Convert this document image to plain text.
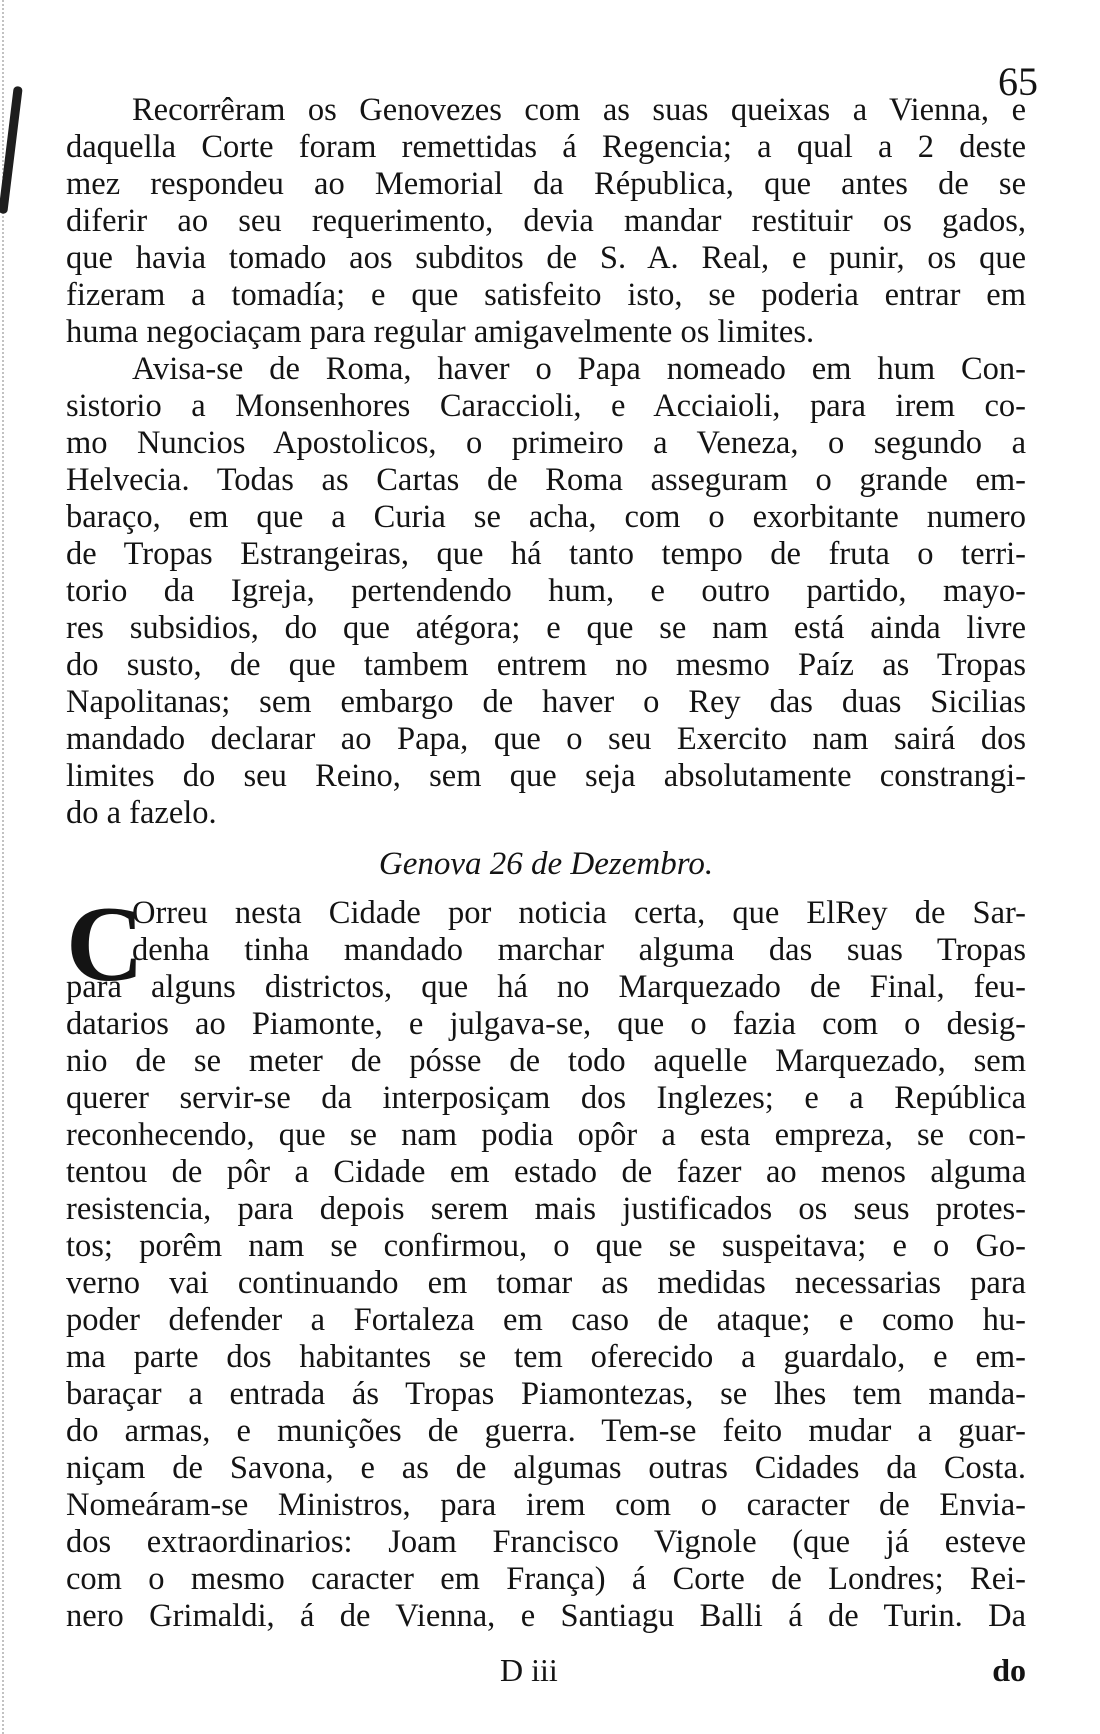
65
Recorrêram os Genovezes com as suas queixas a Vienna, e
daquella Corte foram remettidas á Regencia; a qual a 2 deste
mez respondeu ao Memorial da Républica, que antes de se
diferir ao seu requerimento, devia mandar restituir os gados,
que havia tomado aos subditos de S. A. Real, e punir, os que
fizeram a tomadía; e que satisfeito isto, se poderia entrar em
huma negociaçam para regular amigavelmente os limites.
Avisa-se de Roma, haver o Papa nomeado em hum Con-
sistorio a Monsenhores Caraccioli, e Acciaioli, para irem co-
mo Nuncios Apostolicos, o primeiro a Veneza, o segundo a
Helvecia. Todas as Cartas de Roma asseguram o grande em-
baraço, em que a Curia se acha, com o exorbitante numero
de Tropas Estrangeiras, que há tanto tempo de fruta o terri-
torio da Igreja, pertendendo hum, e outro partido, mayo-
res subsidios, do que atégora; e que se nam está ainda livre
do susto, de que tambem entrem no mesmo Paíz as Tropas
Napolitanas; sem embargo de haver o Rey das duas Sicilias
mandado declarar ao Papa, que o seu Exercito nam sairá dos
limites do seu Reino, sem que seja absolutamente constrangi-
do a fazelo.
Genova 26 de Dezembro.
Orreu nesta Cidade por noticia certa, que ElRey de Sar-
denha tinha mandado marchar alguma das suas Tropas
para alguns districtos, que há no Marquezado de Final, feu-
datarios ao Piamonte, e julgava-se, que o fazia com o desig-
nio de se meter de pósse de todo aquelle Marquezado, sem
querer servir-se da interposiçam dos Inglezes; e a República
reconhecendo, que se nam podia opôr a esta empreza, se con-
tentou de pôr a Cidade em estado de fazer ao menos alguma
resistencia, para depois serem mais justificados os seus protes-
tos; porêm nam se confirmou, o que se suspeitava; e o Go-
verno vai continuando em tomar as medidas necessarias para
poder defender a Fortaleza em caso de ataque; e como hu-
ma parte dos habitantes se tem oferecido a guardalo, e em-
baraçar a entrada ás Tropas Piamontezas, se lhes tem manda-
do armas, e munições de guerra. Tem-se feito mudar a guar-
niçam de Savona, e as de algumas outras Cidades da Costa.
Nomeáram-se Ministros, para irem com o caracter de Envia-
dos extraordinarios: Joam Francisco Vignole (que já esteve
com o mesmo caracter em França) á Corte de Londres; Rei-
nero Grimaldi, á de Vienna, e Santiagu Balli á de Turin. Da
C
D iii	do
